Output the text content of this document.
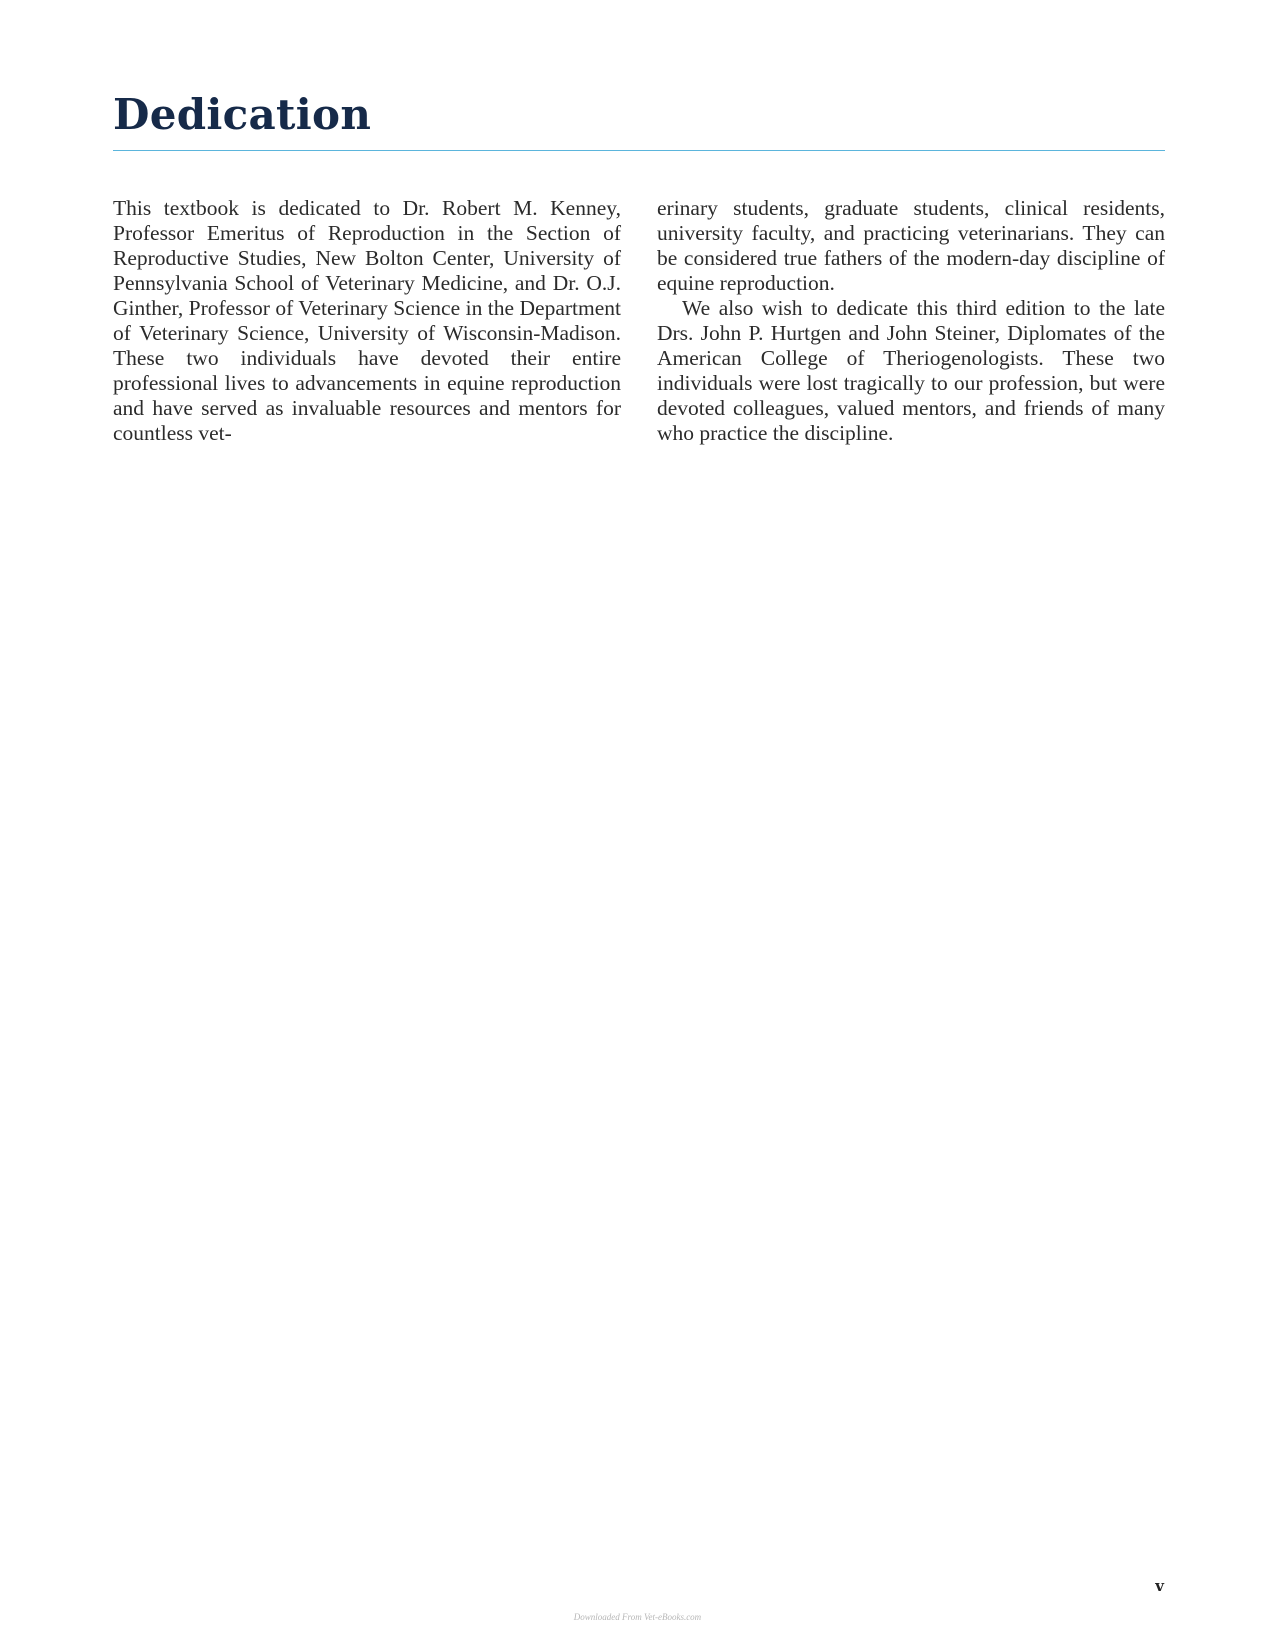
Dedication

This textbook is dedicated to Dr. Robert M. Kenney, Professor Emeritus of Reproduction in the Section of Reproductive Studies, New Bolton Center, University of Pennsylvania School of Veterinary Medicine, and Dr. O.J. Ginther, Professor of Veterinary Science in the Department of Veterinary Science, University of Wisconsin-Madison. These two individuals have devoted their entire professional lives to advancements in equine reproduction and have served as invaluable resources and mentors for countless vet-

erinary students, graduate students, clinical residents, university faculty, and practicing veterinarians. They can be considered true fathers of the modern-day discipline of equine reproduction.

We also wish to dedicate this third edition to the late Drs. John P. Hurtgen and John Steiner, Diplomates of the American College of Theriogenologists. These two individuals were lost tragically to our profession, but were devoted colleagues, valued mentors, and friends of many who practice the discipline.

v
Downloaded From Vet-eBooks.com
